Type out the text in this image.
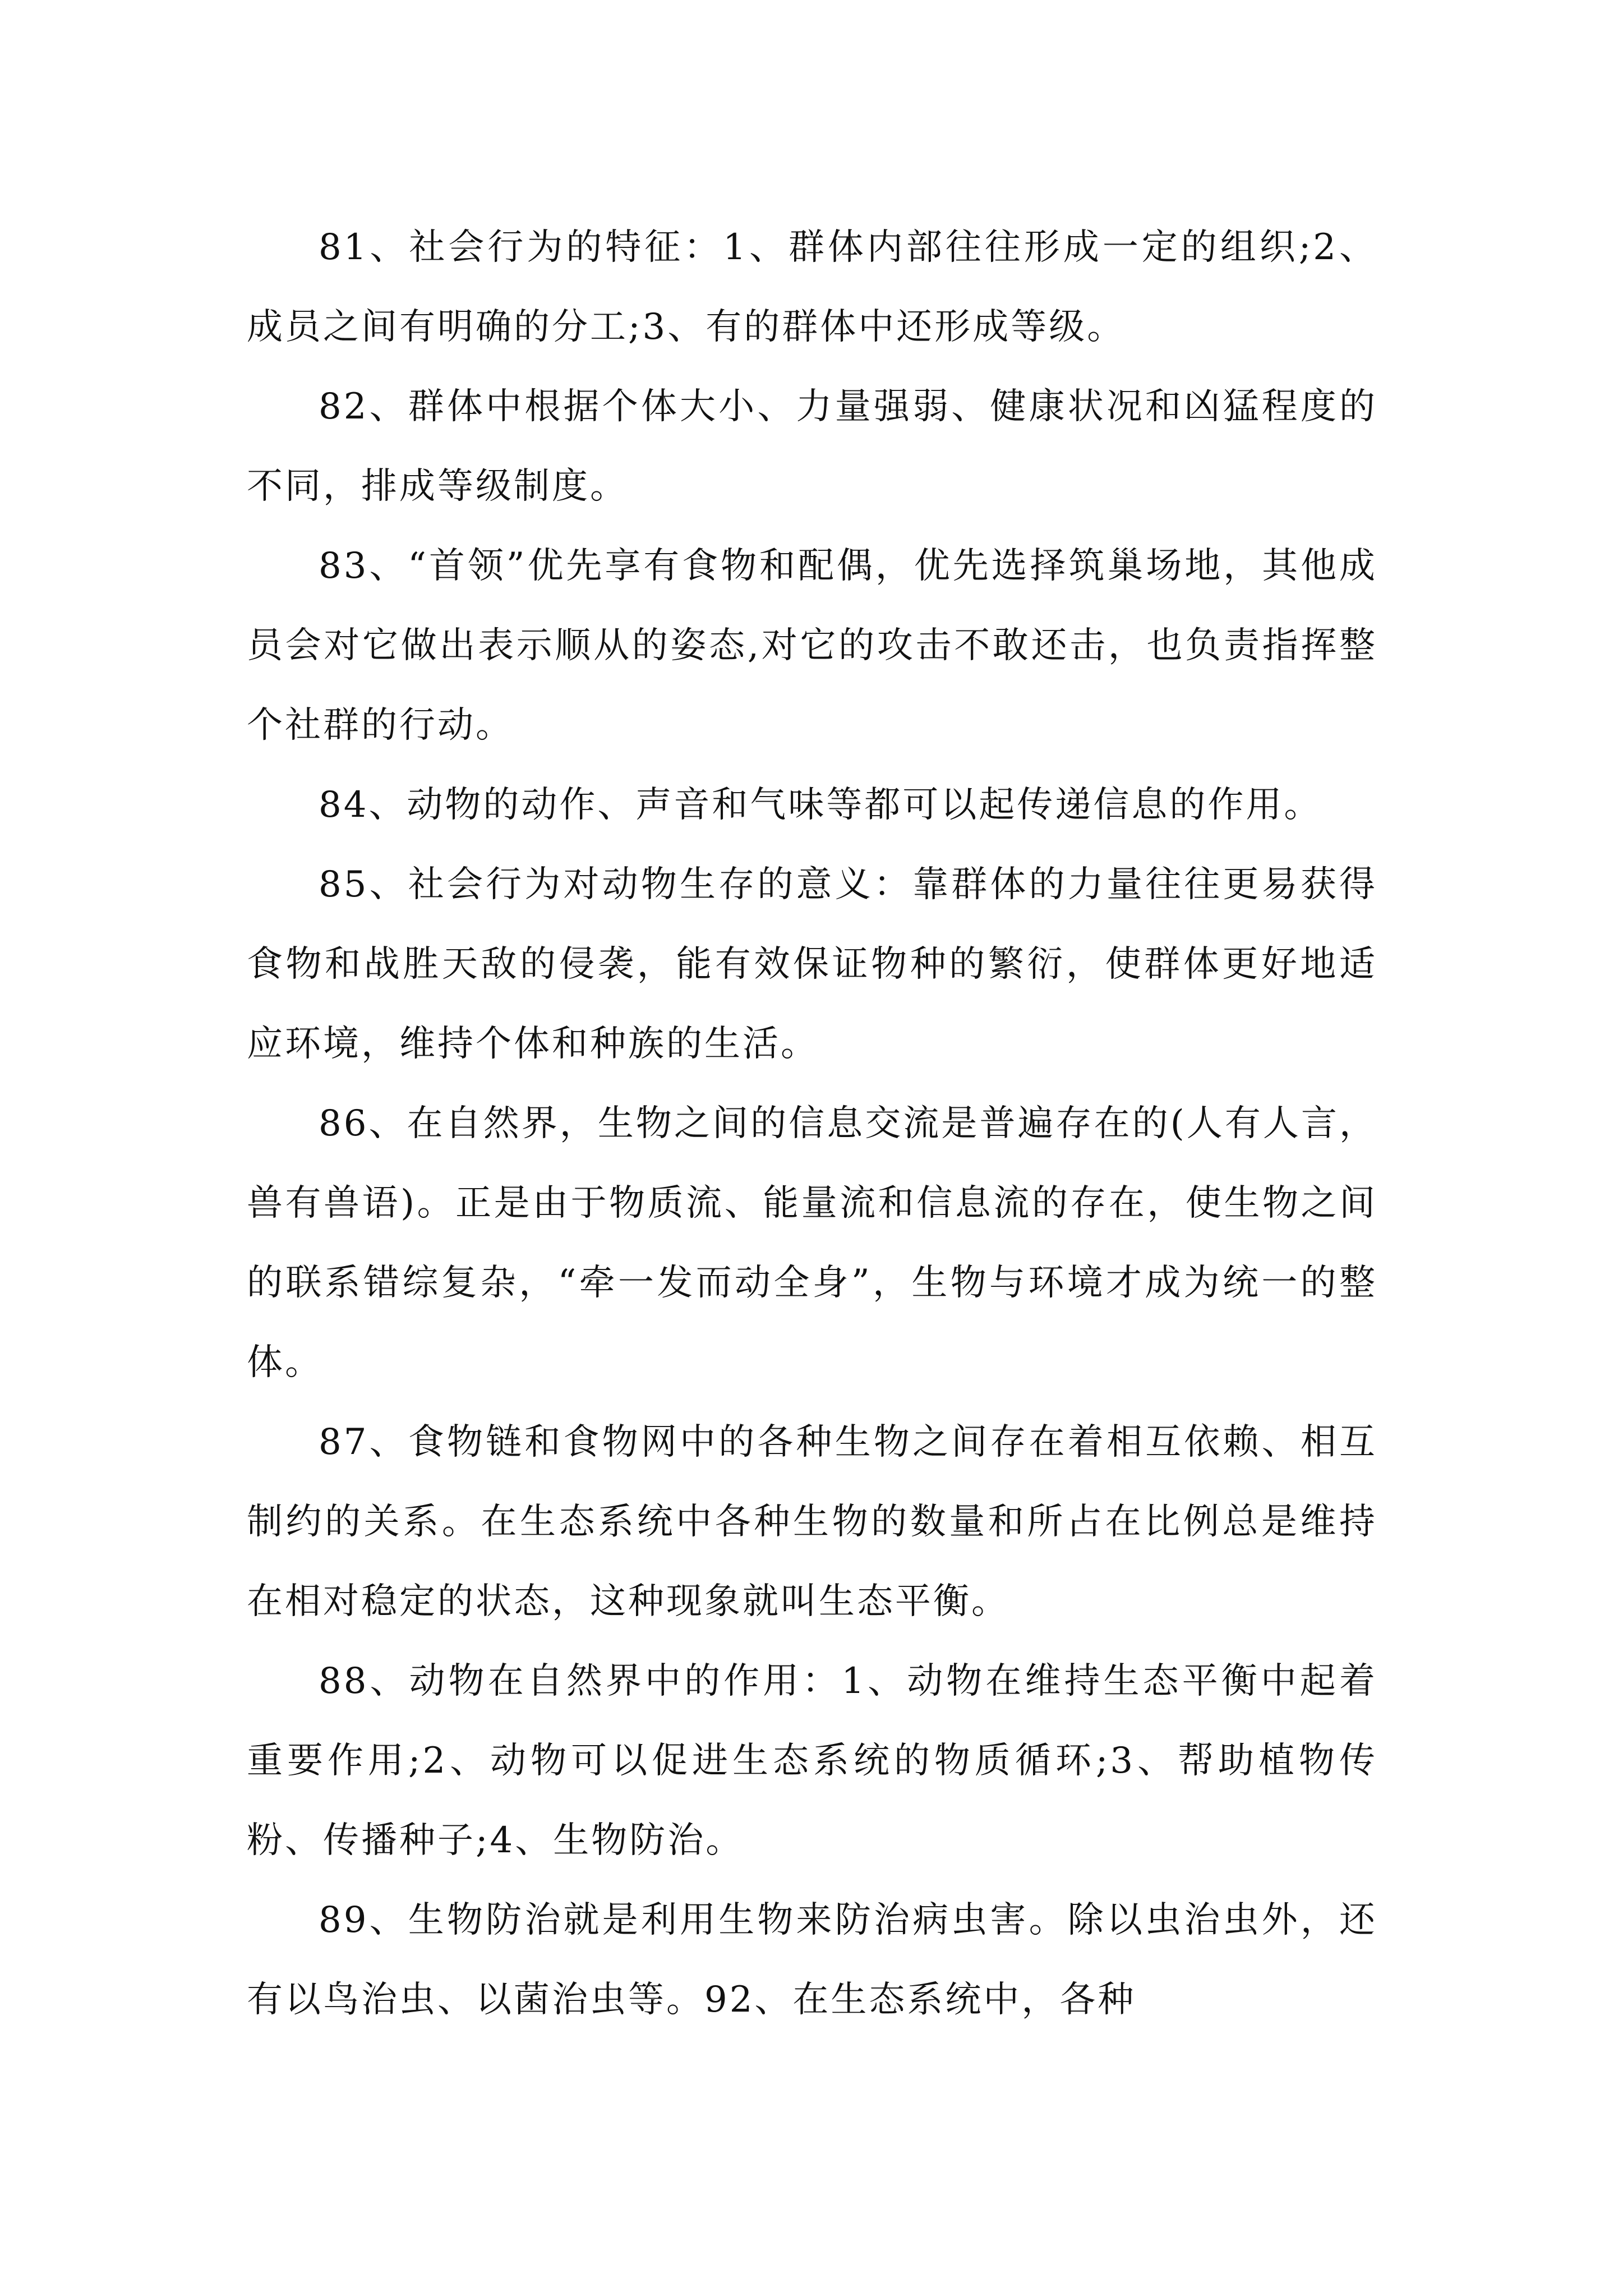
81、社会行为的特征：1、群体内部往往形成一定的组织;2、成员之间有明确的分工;3、有的群体中还形成等级。

82、群体中根据个体大小、力量强弱、健康状况和凶猛程度的不同，排成等级制度。

83、“首领”优先享有食物和配偶，优先选择筑巢场地，其他成员会对它做出表示顺从的姿态,对它的攻击不敢还击，也负责指挥整个社群的行动。

84、动物的动作、声音和气味等都可以起传递信息的作用。

85、社会行为对动物生存的意义：靠群体的力量往往更易获得食物和战胜天敌的侵袭，能有效保证物种的繁衍，使群体更好地适应环境，维持个体和种族的生活。

86、在自然界，生物之间的信息交流是普遍存在的(人有人言，兽有兽语)。正是由于物质流、能量流和信息流的存在，使生物之间的联系错综复杂，“牵一发而动全身”，生物与环境才成为统一的整体。

87、食物链和食物网中的各种生物之间存在着相互依赖、相互制约的关系。在生态系统中各种生物的数量和所占在比例总是维持在相对稳定的状态，这种现象就叫生态平衡。

88、动物在自然界中的作用：1、动物在维持生态平衡中起着重要作用;2、动物可以促进生态系统的物质循环;3、帮助植物传粉、传播种子;4、生物防治。

89、生物防治就是利用生物来防治病虫害。除以虫治虫外，还有以鸟治虫、以菌治虫等。92、在生态系统中，各种
